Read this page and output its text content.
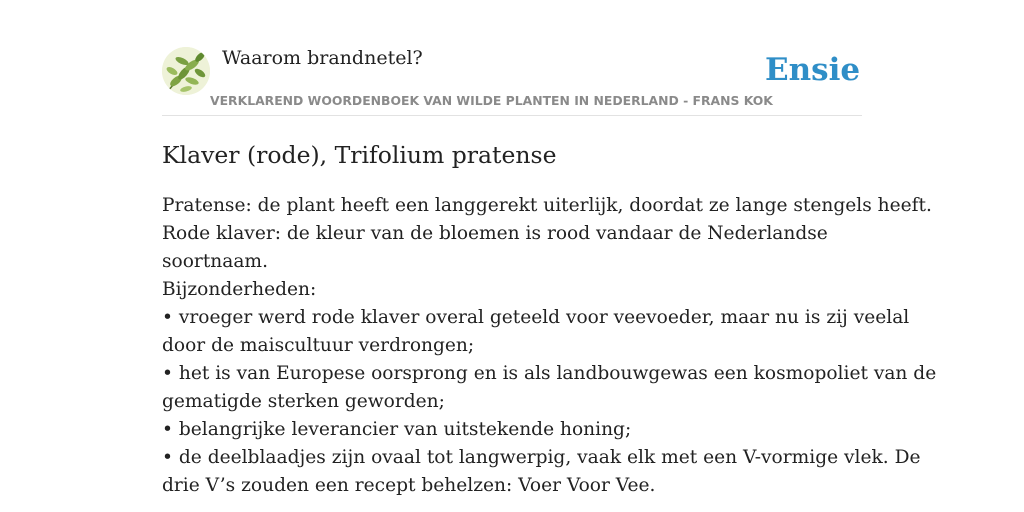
Waarom brandnetel?	Ensie
VERKLAREND WOORDENBOEK VAN WILDE PLANTEN IN NEDERLAND - FRANS KOK
Klaver (rode), Trifolium pratense
Pratense: de plant heeft een langgerekt uiterlijk, doordat ze lange stengels heeft.
Rode klaver: de kleur van de bloemen is rood vandaar de Nederlandse
soortnaam.
Bijzonderheden:
• vroeger werd rode klaver overal geteeld voor veevoeder, maar nu is zij veelal
door de maiscultuur verdrongen;
• het is van Europese oorsprong en is als landbouwgewas een kosmopoliet van de
gematigde sterken geworden;
• belangrijke leverancier van uitstekende honing;
• de deelblaadjes zijn ovaal tot langwerpig, vaak elk met een V-vormige vlek. De
drie V’s zouden een recept behelzen: Voer Voor Vee.
